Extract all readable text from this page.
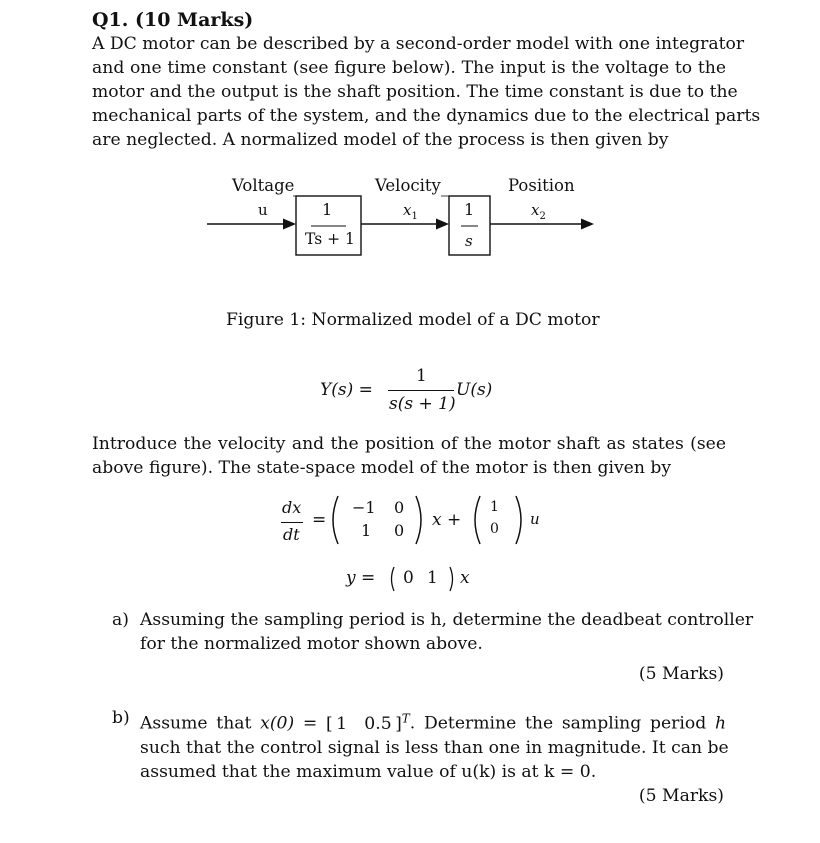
Q1. (10 Marks)

A DC motor can be described by a second-order model with one integrator
and one time constant (see figure below). The input is the voltage to the
motor and the output is the shaft position. The time constant is due to the
mechanical parts of the system, and the dynamics due to the electrical parts
are neglected. A normalized model of the process is then given by
Voltage
u	1
Ts + 1
Velocity
$x_1$	1
s
Position
$x_2$
Figure 1: Normalized model of a DC motor
Y(s) =
1
s(s + 1)
U(s)
Introduce the velocity and the position of the motor shaft as states (see
above figure). The state-space model of the motor is then given by
dx
dt
=
−1 0
1 0
x +
1
0
u
y = 0 1 x
a) Assuming the sampling period is h, determine the deadbeat controller
for the normalized motor shown above.
(5 Marks)
b) Assume that x(0) = [ 1  0.5 ]$^T$. Determine the sampling period h
such that the control signal is less than one in magnitude. It can be
assumed that the maximum value of u(k) is at k = 0.
(5 Marks)
